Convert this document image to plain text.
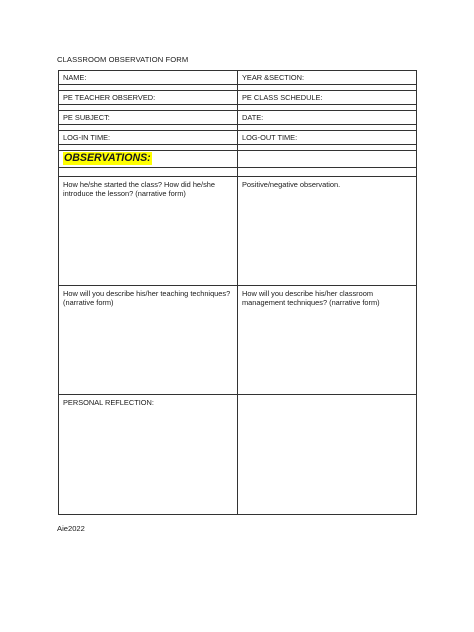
CLASSROOM OBSERVATION FORM
NAME:	YEAR &SECTION:

PE TEACHER OBSERVED:	PE CLASS SCHEDULE:

PE SUBJECT:	DATE:

LOG-IN TIME:	LOG-OUT TIME:

OBSERVATIONS:	

How he/she started the class? How did he/she introduce the lesson? (narrative form)	Positive/negative observation.
How will you describe his/her teaching techniques? (narrative form)	How will you describe his/her classroom management techniques? (narrative form)
PERSONAL REFLECTION:	
Aie2022
